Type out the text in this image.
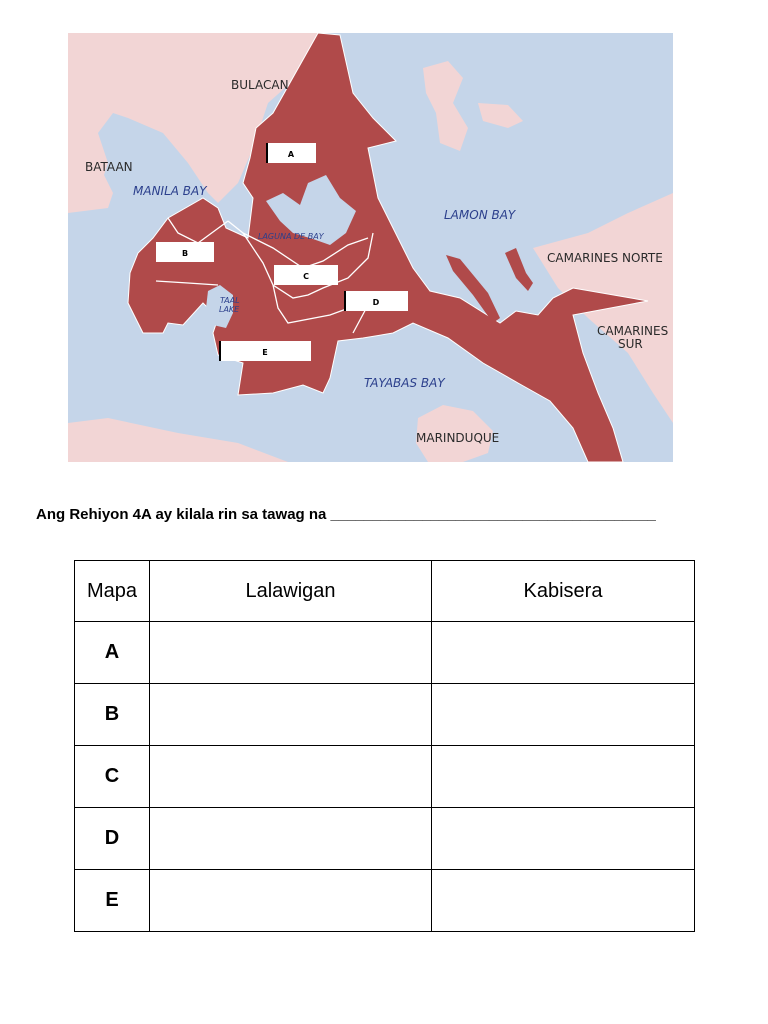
BULACAN
BATAAN
CAMARINES NORTE
CAMARINES
SUR
MARINDUQUE
MANILA BAY
LAMON BAY
LAGUNA DE BAY
TAAL
LAKE
TAYABAS BAY
A
B
C
D
E
Ang Rehiyon 4A ay kilala rin sa tawag na _______________________________________
Mapa	Lalawigan	Kabisera
A		
B		
C		
D		
E		
